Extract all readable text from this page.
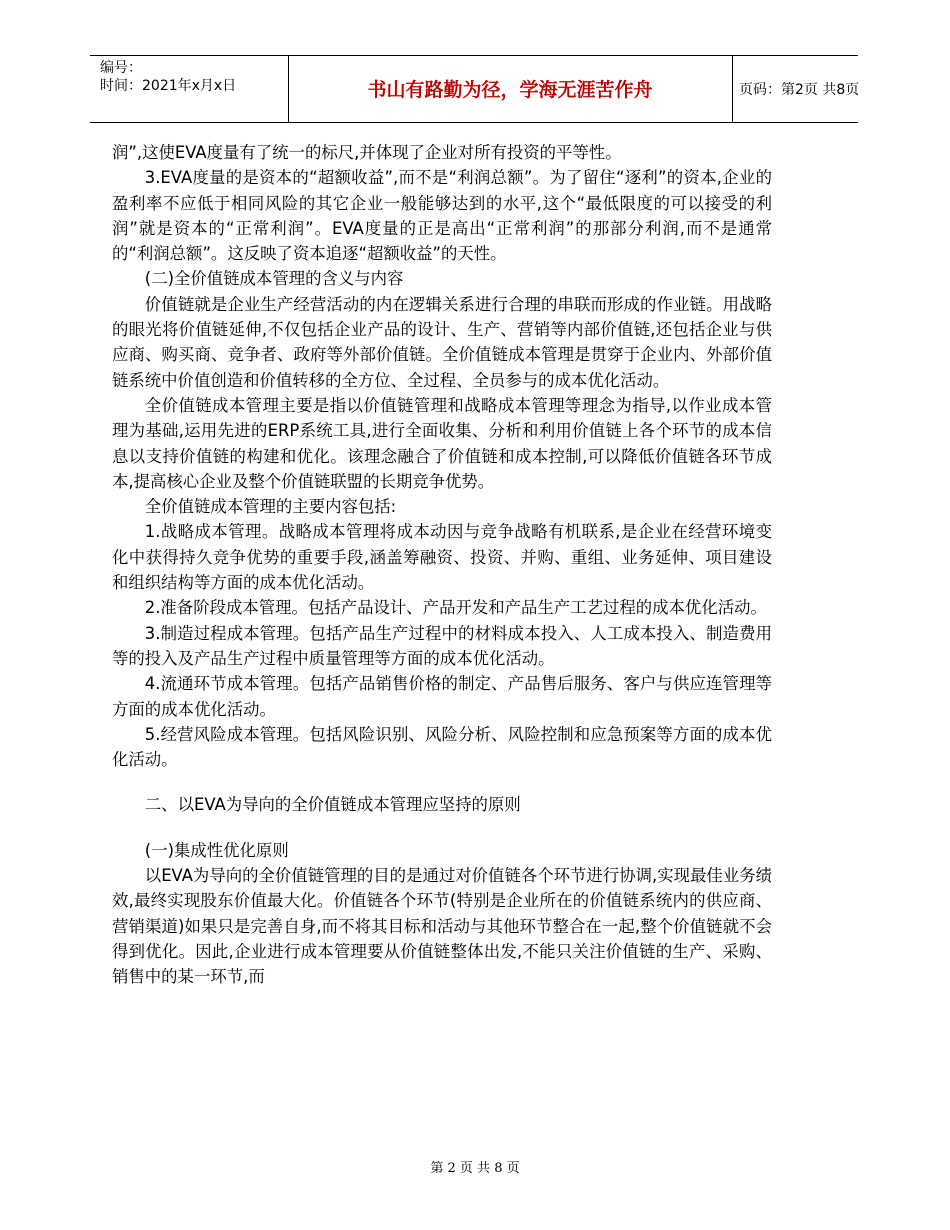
编号：
时间：2021年x月x日	书山有路勤为径，学海无涯苦作舟	页码：第2页 共8页

润”,这使EVA度量有了统一的标尺,并体现了企业对所有投资的平等性。

3.EVA度量的是资本的“超额收益”,而不是“利润总额”。为了留住“逐利”的资本,企业的盈利率不应低于相同风险的其它企业一般能够达到的水平,这个“最低限度的可以接受的利润”就是资本的“正常利润”。EVA度量的正是高出“正常利润”的那部分利润,而不是通常的“利润总额”。这反映了资本追逐“超额收益”的天性。

(二)全价值链成本管理的含义与内容

价值链就是企业生产经营活动的内在逻辑关系进行合理的串联而形成的作业链。用战略的眼光将价值链延伸,不仅包括企业产品的设计、生产、营销等内部价值链,还包括企业与供应商、购买商、竞争者、政府等外部价值链。全价值链成本管理是贯穿于企业内、外部价值链系统中价值创造和价值转移的全方位、全过程、全员参与的成本优化活动。

全价值链成本管理主要是指以价值链管理和战略成本管理等理念为指导,以作业成本管理为基础,运用先进的ERP系统工具,进行全面收集、分析和利用价值链上各个环节的成本信息以支持价值链的构建和优化。该理念融合了价值链和成本控制,可以降低价值链各环节成本,提高核心企业及整个价值链联盟的长期竞争优势。

全价值链成本管理的主要内容包括:

1.战略成本管理。战略成本管理将成本动因与竞争战略有机联系,是企业在经营环境变化中获得持久竞争优势的重要手段,涵盖筹融资、投资、并购、重组、业务延伸、项目建设和组织结构等方面的成本优化活动。

2.准备阶段成本管理。包括产品设计、产品开发和产品生产工艺过程的成本优化活动。

3.制造过程成本管理。包括产品生产过程中的材料成本投入、人工成本投入、制造费用等的投入及产品生产过程中质量管理等方面的成本优化活动。

4.流通环节成本管理。包括产品销售价格的制定、产品售后服务、客户与供应连管理等方面的成本优化活动。

5.经营风险成本管理。包括风险识别、风险分析、风险控制和应急预案等方面的成本优化活动。

二、以EVA为导向的全价值链成本管理应坚持的原则

(一)集成性优化原则

以EVA为导向的全价值链管理的目的是通过对价值链各个环节进行协调,实现最佳业务绩效,最终实现股东价值最大化。价值链各个环节(特别是企业所在的价值链系统内的供应商、营销渠道)如果只是完善自身,而不将其目标和活动与其他环节整合在一起,整个价值链就不会得到优化。因此,企业进行成本管理要从价值链整体出发,不能只关注价值链的生产、采购、销售中的某一环节,而

第 2 页 共 8 页
